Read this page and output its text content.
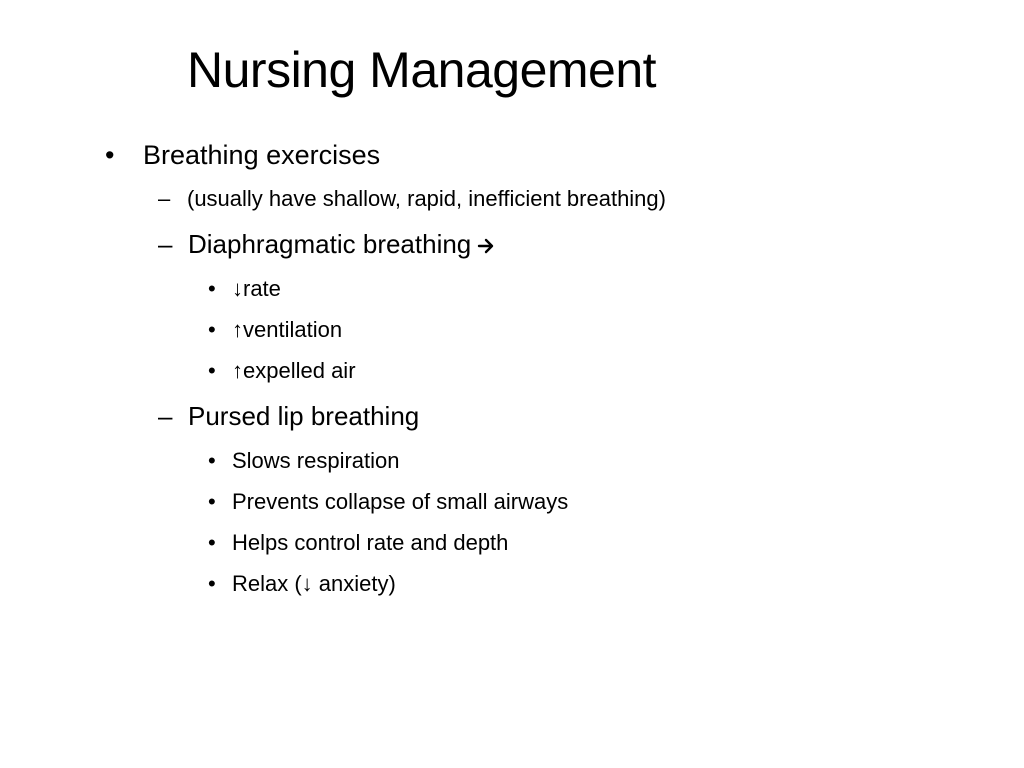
Nursing Management
• Breathing exercises
– (usually have shallow, rapid, inefficient breathing)
– Diaphragmatic breathing
• ↓rate
• ↑ventilation
• ↑expelled air
– Pursed lip breathing
• Slows respiration
• Prevents collapse of small airways
• Helps control rate and depth
• Relax (↓ anxiety)
